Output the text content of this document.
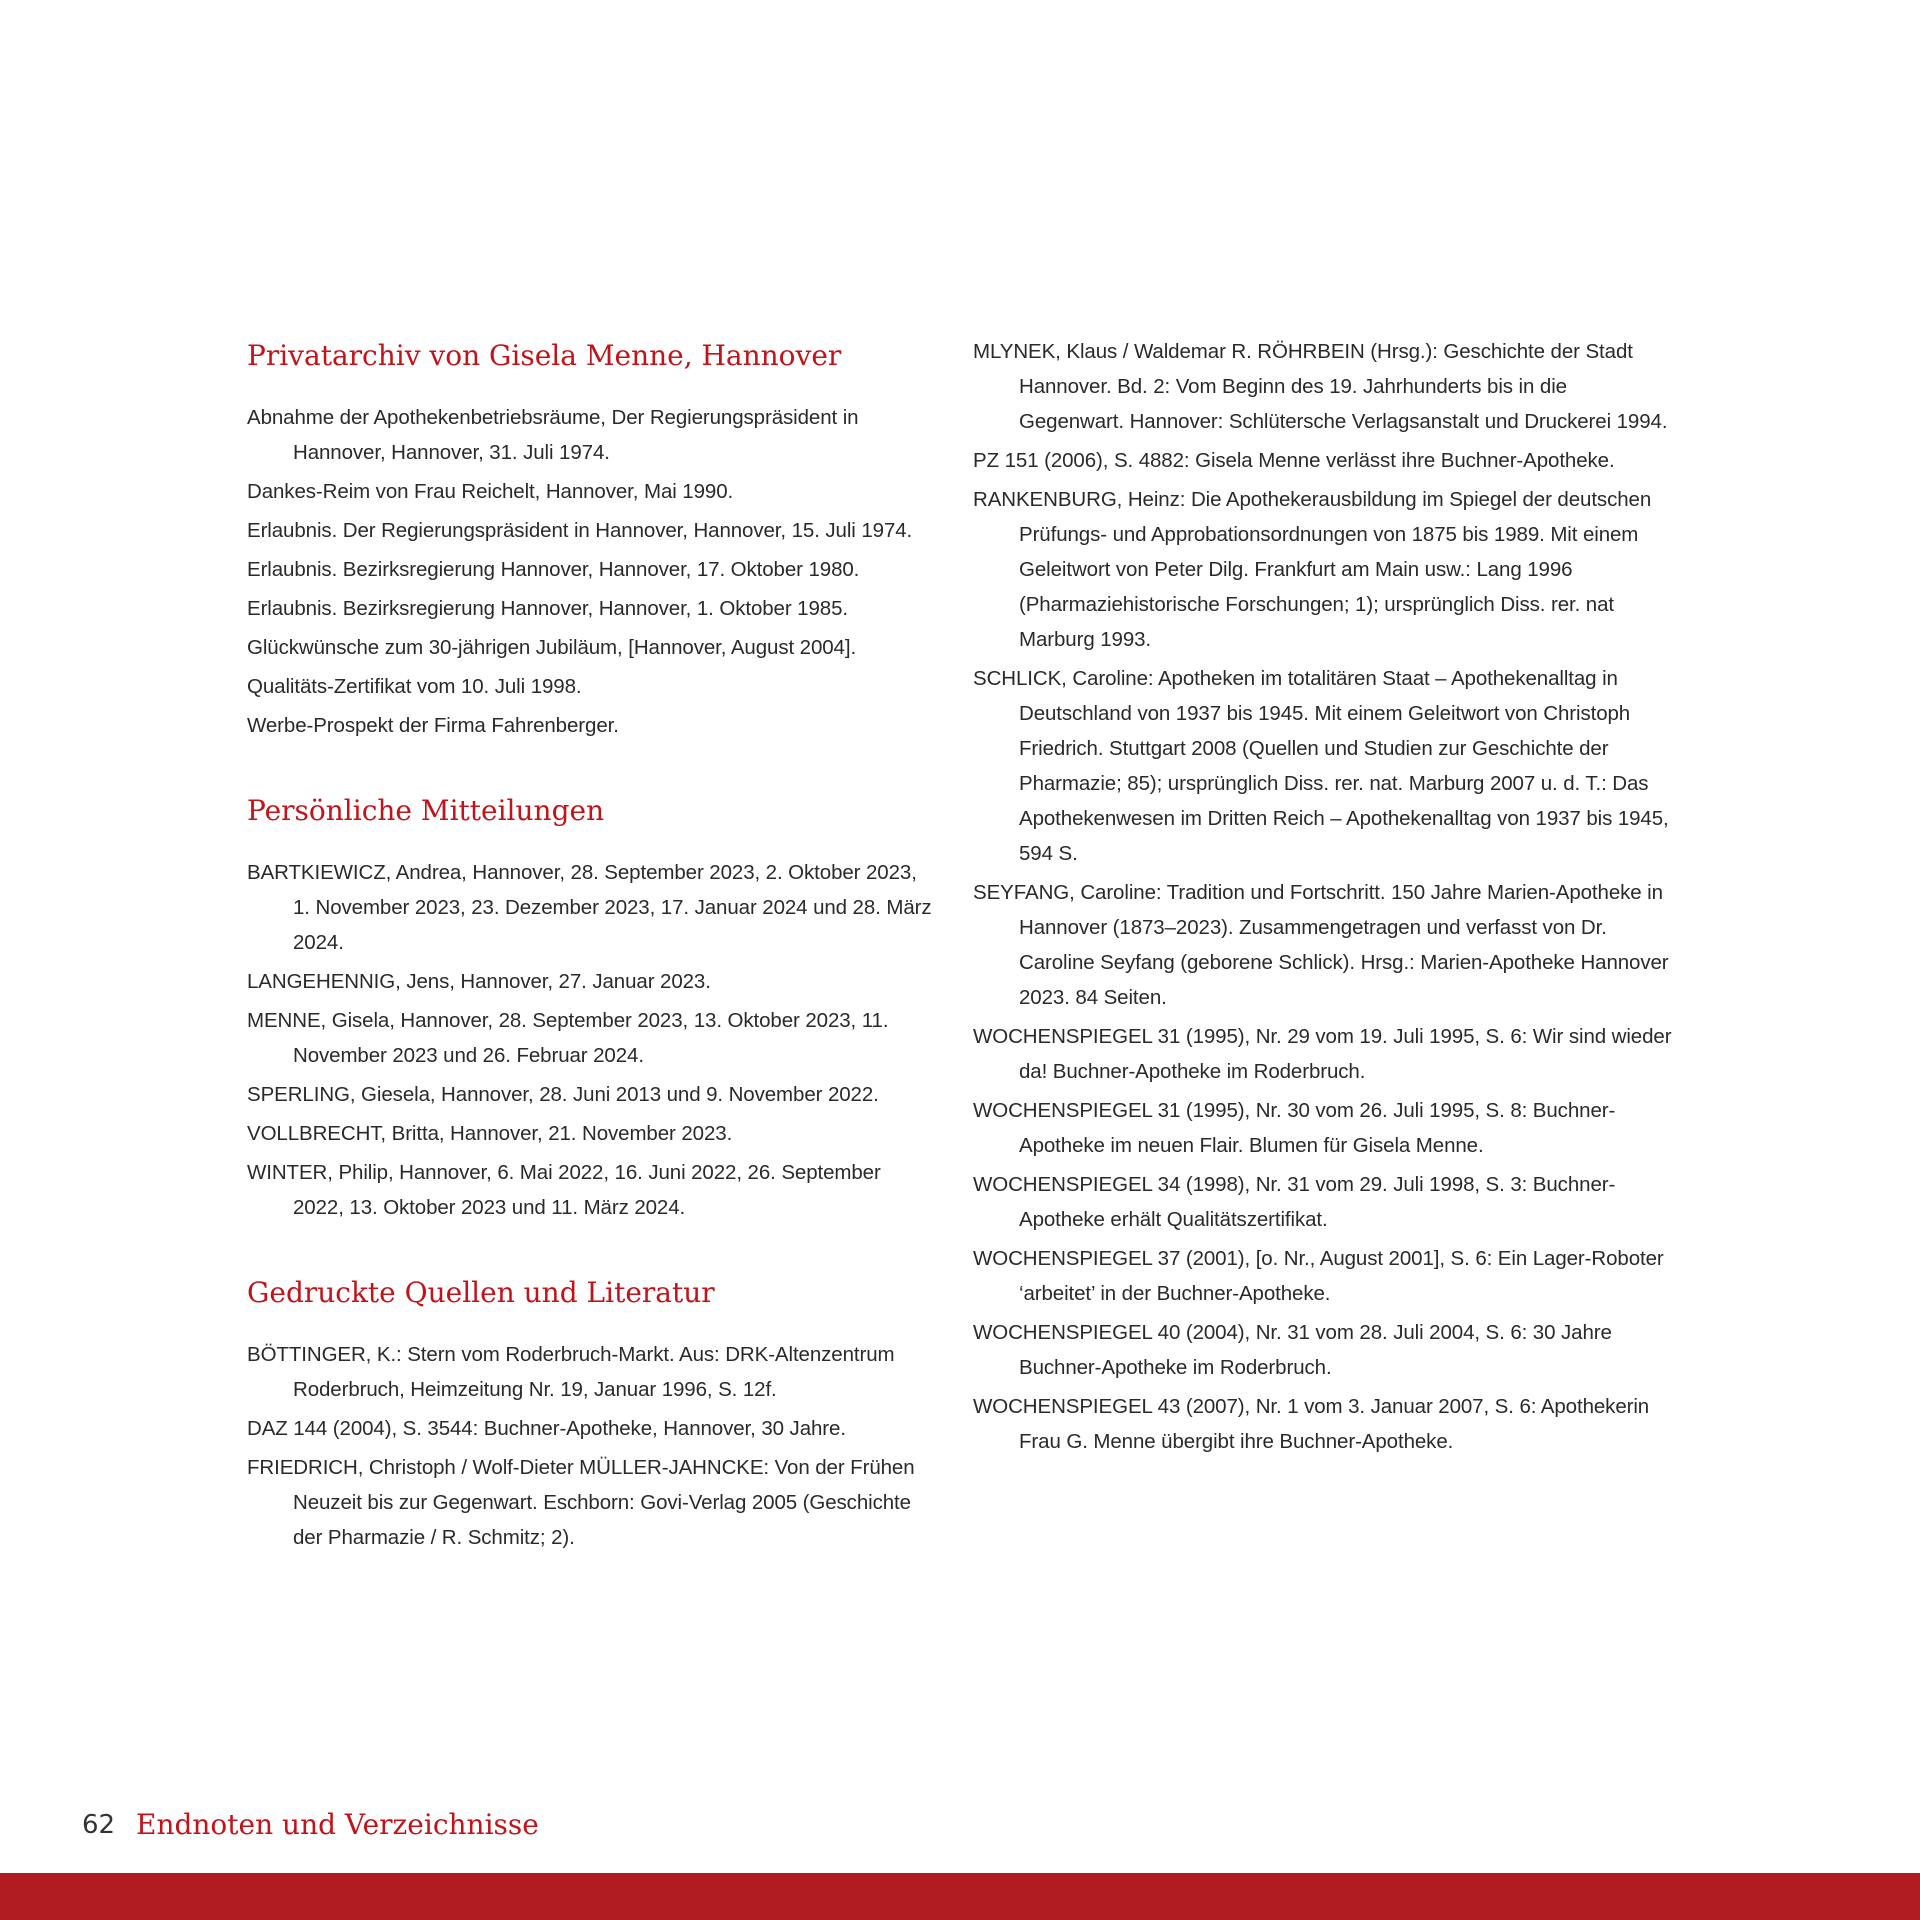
Privatarchiv von Gisela Menne, Hannover
Abnahme der Apothekenbetriebsräume, Der Regierungspräsident in Hannover, Hannover, 31. Juli 1974.
Dankes-Reim von Frau Reichelt, Hannover, Mai 1990.
Erlaubnis. Der Regierungspräsident in Hannover, Hannover, 15. Juli 1974.
Erlaubnis. Bezirksregierung Hannover, Hannover, 17. Oktober 1980.
Erlaubnis. Bezirksregierung Hannover, Hannover, 1. Oktober 1985.
Glückwünsche zum 30-jährigen Jubiläum, [Hannover, August 2004].
Qualitäts-Zertifikat vom 10. Juli 1998.
Werbe-Prospekt der Firma Fahrenberger.
Persönliche Mitteilungen
BARTKIEWICZ, Andrea, Hannover, 28. September 2023, 2. Oktober 2023, 1. November 2023, 23. Dezember 2023, 17. Januar 2024 und 28. März 2024.
LANGEHENNIG, Jens, Hannover, 27. Januar 2023.
MENNE, Gisela, Hannover, 28. September 2023, 13. Oktober 2023, 11. November 2023 und 26. Februar 2024.
SPERLING, Giesela, Hannover, 28. Juni 2013 und 9. November 2022.
VOLLBRECHT, Britta, Hannover, 21. November 2023.
WINTER, Philip, Hannover, 6. Mai 2022, 16. Juni 2022, 26. September 2022, 13. Oktober 2023 und 11. März 2024.
Gedruckte Quellen und Literatur
BÖTTINGER, K.: Stern vom Roderbruch-Markt. Aus: DRK-Altenzentrum Roderbruch, Heimzeitung Nr. 19, Januar 1996, S. 12f.
DAZ 144 (2004), S. 3544: Buchner-Apotheke, Hannover, 30 Jahre.
FRIEDRICH, Christoph / Wolf-Dieter MÜLLER-JAHNCKE: Von der Frühen Neuzeit bis zur Gegenwart. Eschborn: Govi-Verlag 2005 (Geschichte der Pharmazie / R. Schmitz; 2).
MLYNEK, Klaus / Waldemar R. RÖHRBEIN (Hrsg.): Geschichte der Stadt Hannover. Bd. 2: Vom Beginn des 19. Jahrhunderts bis in die Gegenwart. Hannover: Schlütersche Verlagsanstalt und Druckerei 1994.
PZ 151 (2006), S. 4882: Gisela Menne verlässt ihre Buchner-Apotheke.
RANKENBURG, Heinz: Die Apothekerausbildung im Spiegel der deutschen Prüfungs- und Approbationsordnungen von 1875 bis 1989. Mit einem Geleitwort von Peter Dilg. Frankfurt am Main usw.: Lang 1996 (Pharmaziehistorische Forschungen; 1); ursprünglich Diss. rer. nat Marburg 1993.
SCHLICK, Caroline: Apotheken im totalitären Staat – Apothekenalltag in Deutschland von 1937 bis 1945. Mit einem Geleitwort von Christoph Friedrich. Stuttgart 2008 (Quellen und Studien zur Geschichte der Pharmazie; 85); ursprünglich Diss. rer. nat. Marburg 2007 u. d. T.: Das Apothekenwesen im Dritten Reich – Apothekenalltag von 1937 bis 1945, 594 S.
SEYFANG, Caroline: Tradition und Fortschritt. 150 Jahre Marien-Apotheke in Hannover (1873–2023). Zusammengetragen und verfasst von Dr. Caroline Seyfang (geborene Schlick). Hrsg.: Marien-Apotheke Hannover 2023. 84 Seiten.
WOCHENSPIEGEL 31 (1995), Nr. 29 vom 19. Juli 1995, S. 6: Wir sind wieder da! Buchner-Apotheke im Roderbruch.
WOCHENSPIEGEL 31 (1995), Nr. 30 vom 26. Juli 1995, S. 8: Buchner-Apotheke im neuen Flair. Blumen für Gisela Menne.
WOCHENSPIEGEL 34 (1998), Nr. 31 vom 29. Juli 1998, S. 3: Buchner-Apotheke erhält Qualitätszertifikat.
WOCHENSPIEGEL 37 (2001), [o. Nr., August 2001], S. 6: Ein Lager-Roboter ‘arbeitet’ in der Buchner-Apotheke.
WOCHENSPIEGEL 40 (2004), Nr. 31 vom 28. Juli 2004, S. 6: 30 Jahre Buchner-Apotheke im Roderbruch.
WOCHENSPIEGEL 43 (2007), Nr. 1 vom 3. Januar 2007, S. 6: Apothekerin Frau G. Menne übergibt ihre Buchner-Apotheke.
62 Endnoten und Verzeichnisse
